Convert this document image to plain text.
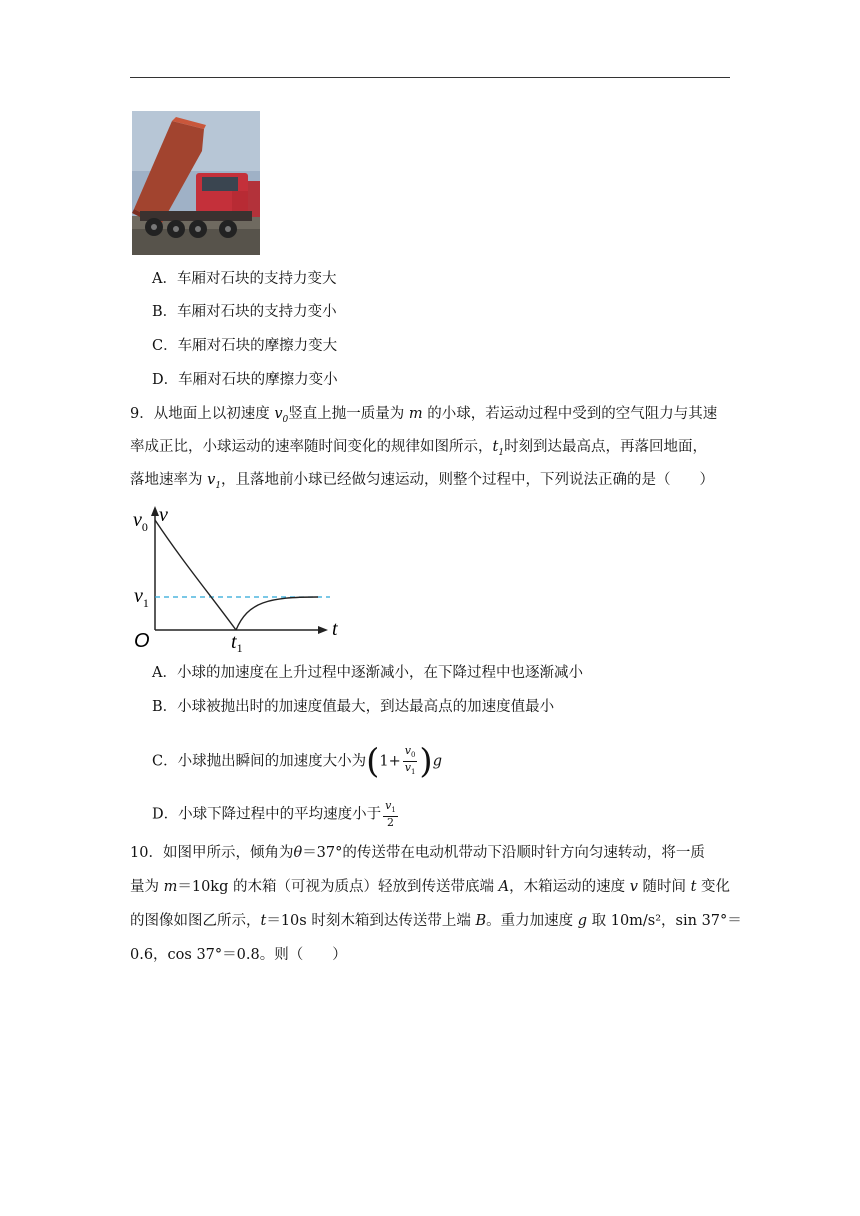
A．车厢对石块的支持力变大
B．车厢对石块的支持力变小
C．车厢对石块的摩擦力变大
D．车厢对石块的摩擦力变小
9．从地面上以初速度 $v_0$竖直上抛一质量为 m 的小球，若运动过程中受到的空气阻力与其速
率成正比，小球运动的速率随时间变化的规律如图所示，$t_1$时刻到达最高点，再落回地面，
落地速率为 $v_1$，且落地前小球已经做匀速运动，则整个过程中，下列说法正确的是（　　）
$v_0$
v
$v_1$
O	$t_1$
t
A．小球的加速度在上升过程中逐渐减小，在下降过程中也逐渐减小
B．小球被抛出时的加速度值最大，到达最高点的加速度值最小
C．小球抛出瞬间的加速度大小为$(1+ \frac{v_0}{v_1} )g$
D．小球下降过程中的平均速度小于 $\frac{v_1}{2}$
10．如图甲所示，倾角为θ＝37°的传送带在电动机带动下沿顺时针方向匀速转动，将一质
量为 m＝10kg 的木箱（可视为质点）轻放到传送带底端 A，木箱运动的速度 v 随时间 t 变化
的图像如图乙所示，t＝10s 时刻木箱到达传送带上端 B。重力加速度 g 取 10m/s²，sin 37°＝
0.6，cos 37°＝0.8。则（　　）
